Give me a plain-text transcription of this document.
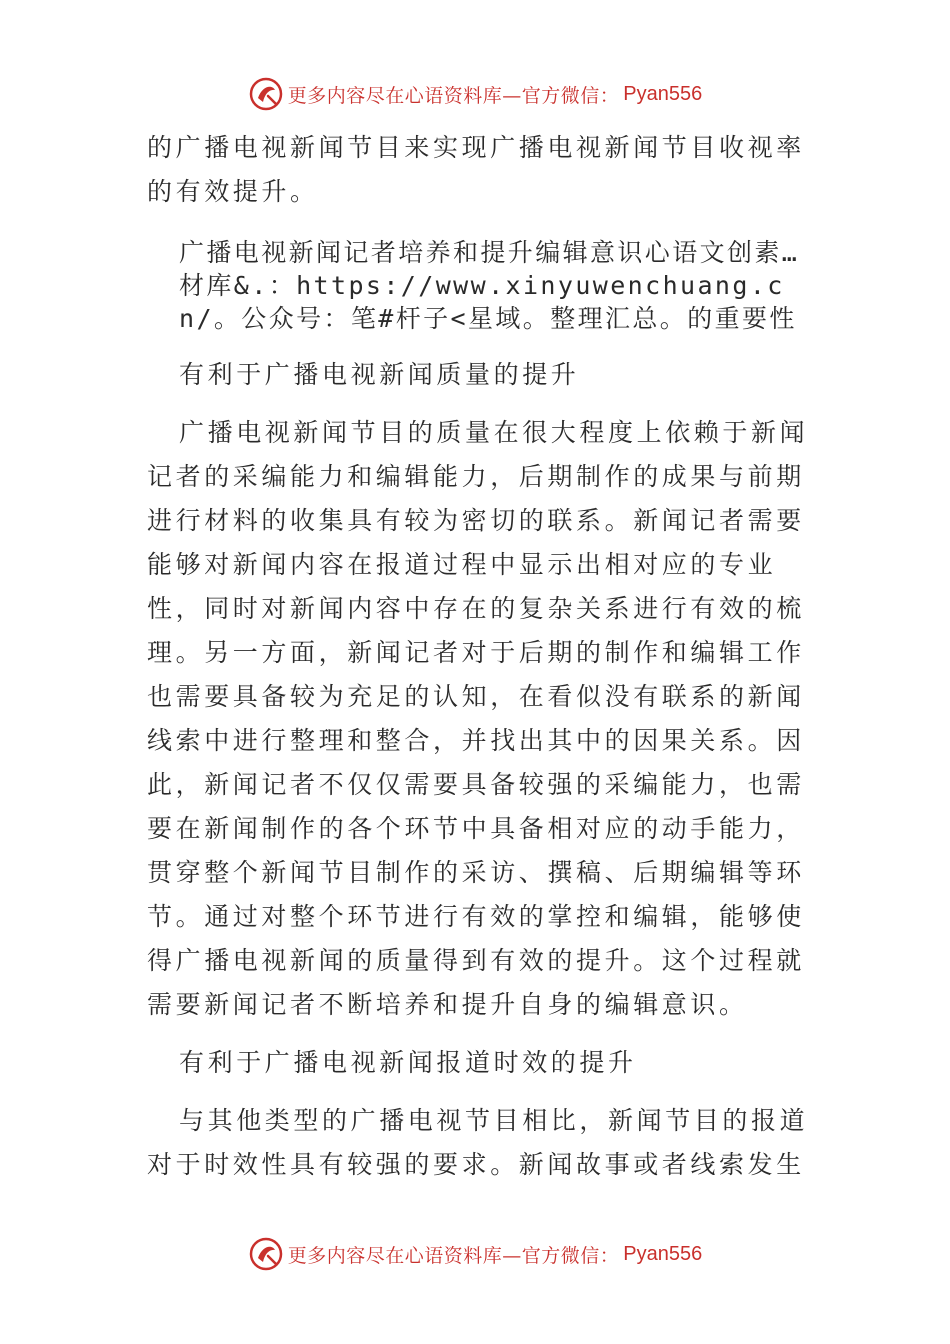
更多内容尽在心语资料库—官方微信： Pyan556

的广播电视新闻节目来实现广播电视新闻节目收视率的有效提升。

广播电视新闻记者培养和提升编辑意识心语文创素…材库&.：https://www.xinyuwenchuang.cn/。公众号：笔#杆子<星域。整理汇总。的重要性

有利于广播电视新闻质量的提升

广播电视新闻节目的质量在很大程度上依赖于新闻记者的采编能力和编辑能力，后期制作的成果与前期进行材料的收集具有较为密切的联系。新闻记者需要能够对新闻内容在报道过程中显示出相对应的专业性，同时对新闻内容中存在的复杂关系进行有效的梳理。另一方面，新闻记者对于后期的制作和编辑工作也需要具备较为充足的认知，在看似没有联系的新闻线索中进行整理和整合，并找出其中的因果关系。因此，新闻记者不仅仅需要具备较强的采编能力，也需要在新闻制作的各个环节中具备相对应的动手能力，贯穿整个新闻节目制作的采访、撰稿、后期编辑等环节。通过对整个环节进行有效的掌控和编辑，能够使得广播电视新闻的质量得到有效的提升。这个过程就需要新闻记者不断培养和提升自身的编辑意识。

有利于广播电视新闻报道时效的提升

与其他类型的广播电视节目相比，新闻节目的报道对于时效性具有较强的要求。新闻故事或者线索发生

更多内容尽在心语资料库—官方微信： Pyan556
